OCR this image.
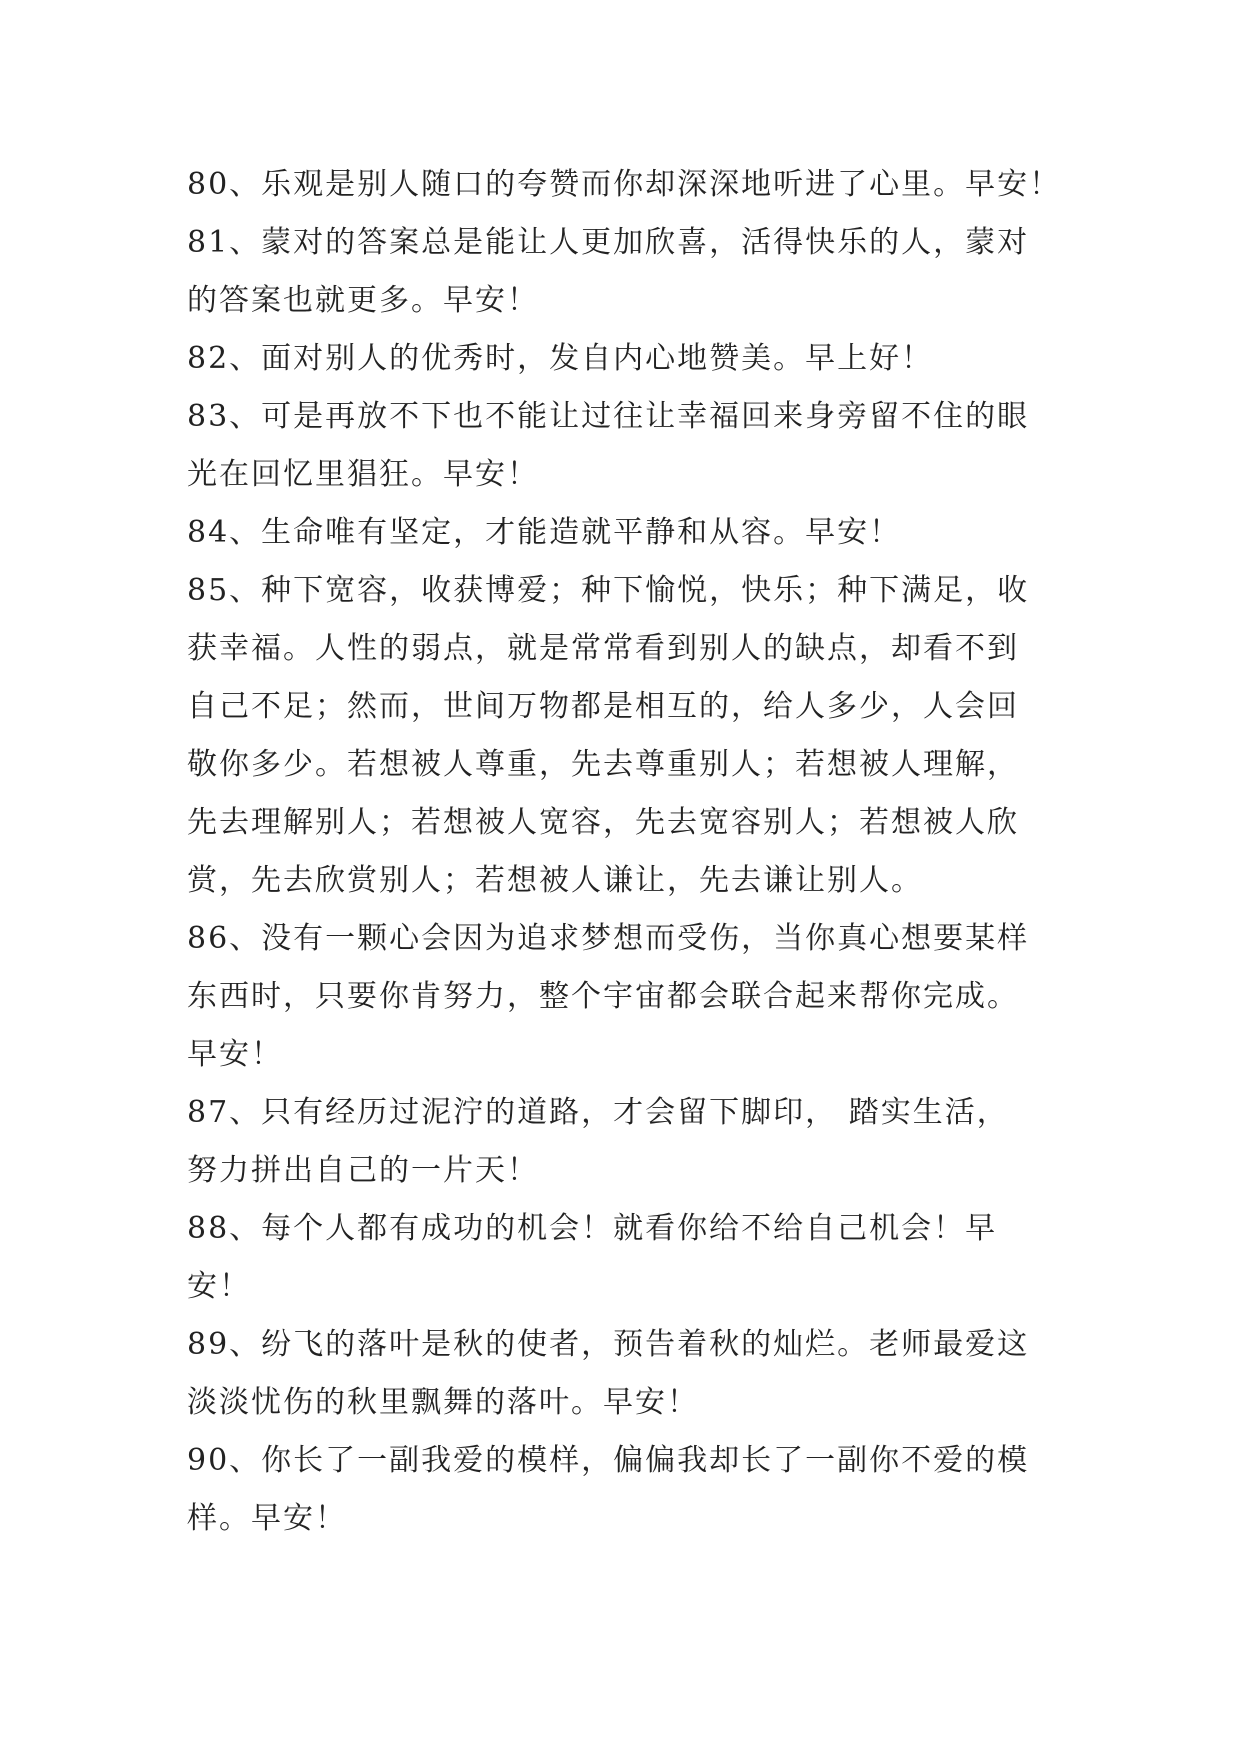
80、乐观是别人随口的夸赞而你却深深地听进了心里。早安！

81、蒙对的答案总是能让人更加欣喜，活得快乐的人，蒙对
的答案也就更多。早安！

82、面对别人的优秀时，发自内心地赞美。早上好！

83、可是再放不下也不能让过往让幸福回来身旁留不住的眼
光在回忆里猖狂。早安！

84、生命唯有坚定，才能造就平静和从容。早安！

85、种下宽容，收获博爱；种下愉悦，快乐；种下满足，收
获幸福。人性的弱点，就是常常看到别人的缺点，却看不到
自己不足；然而，世间万物都是相互的，给人多少，人会回
敬你多少。若想被人尊重，先去尊重别人；若想被人理解，
先去理解别人；若想被人宽容，先去宽容别人；若想被人欣
赏，先去欣赏别人；若想被人谦让，先去谦让别人。

86、没有一颗心会因为追求梦想而受伤，当你真心想要某样
东西时，只要你肯努力，整个宇宙都会联合起来帮你完成。
早安！

87、只有经历过泥泞的道路，才会留下脚印， 踏实生活，
努力拼出自己的一片天！

88、每个人都有成功的机会！就看你给不给自己机会！早
安！

89、纷飞的落叶是秋的使者，预告着秋的灿烂。老师最爱这
淡淡忧伤的秋里飘舞的落叶。早安！

90、你长了一副我爱的模样，偏偏我却长了一副你不爱的模
样。早安！
